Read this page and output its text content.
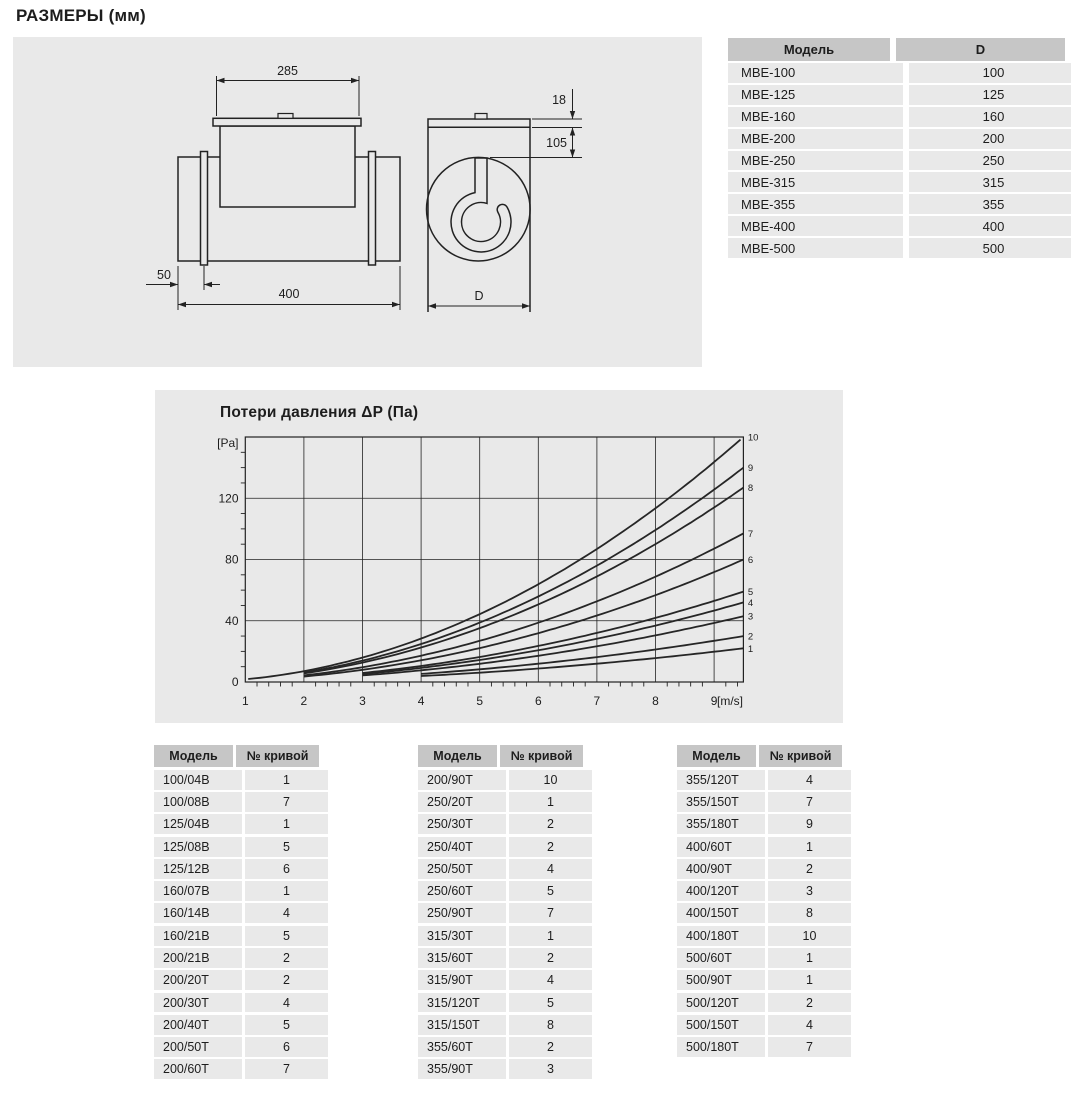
РАЗМЕРЫ (мм)
285
400
50
18
105
D
Модель	D
МВЕ-100	100
МВЕ-125	125
МВЕ-160	160
МВЕ-200	200
МВЕ-250	250
МВЕ-315	315
МВЕ-355	355
МВЕ-400	400
МВЕ-500	500
Потери давления ΔP (Па)
1
2
3
4
5
6
7
8
9
10
0
40
80
120
1	2	3	4	5	6	7	8	9
[Pa]
[m/s]
Модель	№ кривой
100/04В	1
100/08В	7
125/04В	1
125/08В	5
125/12В	6
160/07В	1
160/14В	4
160/21В	5
200/21В	2
200/20Т	2
200/30Т	4
200/40Т	5
200/50Т	6
200/60Т	7
Модель	№ кривой
200/90Т	10
250/20Т	1
250/30Т	2
250/40Т	2
250/50Т	4
250/60Т	5
250/90Т	7
315/30Т	1
315/60Т	2
315/90Т	4
315/120Т	5
315/150Т	8
355/60Т	2
355/90Т	3
Модель	№ кривой
355/120Т	4
355/150Т	7
355/180Т	9
400/60Т	1
400/90Т	2
400/120Т	3
400/150Т	8
400/180Т	10
500/60Т	1
500/90Т	1
500/120Т	2
500/150Т	4
500/180Т	7
